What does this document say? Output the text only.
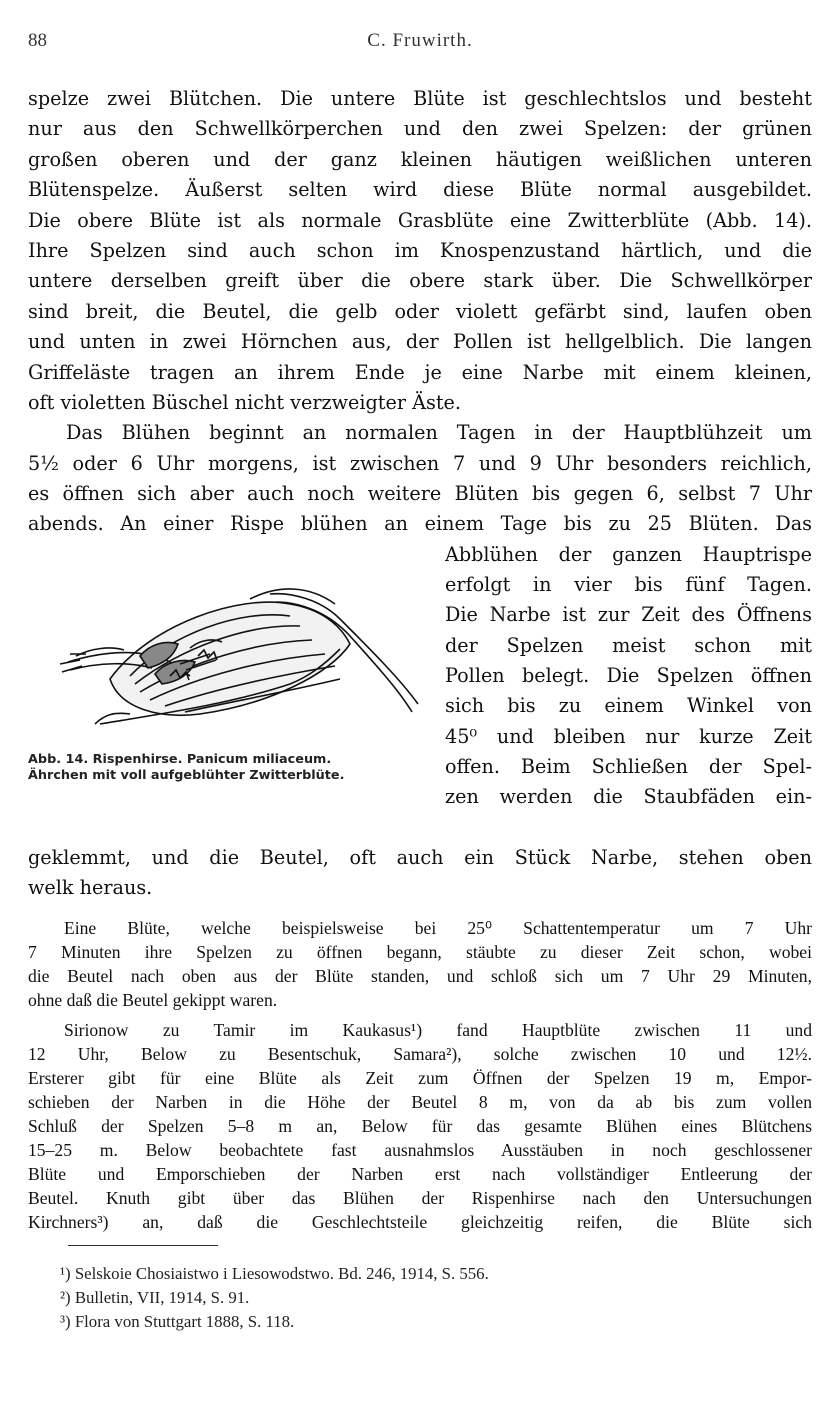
88	C. Fruwirth.
spelze zwei Blütchen. Die untere Blüte ist geschlechtslos und besteht
nur aus den Schwellkörperchen und den zwei Spelzen: der grünen
großen oberen und der ganz kleinen häutigen weißlichen unteren
Blütenspelze. Äußerst selten wird diese Blüte normal ausgebildet.
Die obere Blüte ist als normale Grasblüte eine Zwitterblüte (Abb. 14).
Ihre Spelzen sind auch schon im Knospenzustand härtlich, und die
untere derselben greift über die obere stark über. Die Schwellkörper
sind breit, die Beutel, die gelb oder violett gefärbt sind, laufen oben
und unten in zwei Hörnchen aus, der Pollen ist hellgelblich. Die langen
Griffeläste tragen an ihrem Ende je eine Narbe mit einem kleinen,
oft violetten Büschel nicht verzweigter Äste.
Das Blühen beginnt an normalen Tagen in der Hauptblühzeit um
5½ oder 6 Uhr morgens, ist zwischen 7 und 9 Uhr besonders reichlich,
es öffnen sich aber auch noch weitere Blüten bis gegen 6, selbst 7 Uhr
abends. An einer Rispe blühen an einem Tage bis zu 25 Blüten. Das
Abb. 14. Rispenhirse. Panicum miliaceum.
Ährchen mit voll aufgeblühter Zwitterblüte.
Abblühen der ganzen Hauptrispe
erfolgt in vier bis fünf Tagen.
Die Narbe ist zur Zeit des Öffnens
der Spelzen meist schon mit
Pollen belegt. Die Spelzen öffnen
sich bis zu einem Winkel von
45⁰ und bleiben nur kurze Zeit
offen. Beim Schließen der Spel-
zen werden die Staubfäden ein-
geklemmt, und die Beutel, oft auch ein Stück Narbe, stehen oben
welk heraus.
Eine Blüte, welche beispielsweise bei 25⁰ Schattentemperatur um 7 Uhr
7 Minuten ihre Spelzen zu öffnen begann, stäubte zu dieser Zeit schon, wobei
die Beutel nach oben aus der Blüte standen, und schloß sich um 7 Uhr 29 Minuten,
ohne daß die Beutel gekippt waren.
Sirionow zu Tamir im Kaukasus¹) fand Hauptblüte zwischen 11 und
12 Uhr, Below zu Besentschuk, Samara²), solche zwischen 10 und 12½.
Ersterer gibt für eine Blüte als Zeit zum Öffnen der Spelzen 19 m, Empor-
schieben der Narben in die Höhe der Beutel 8 m, von da ab bis zum vollen
Schluß der Spelzen 5–8 m an, Below für das gesamte Blühen eines Blütchens
15–25 m. Below beobachtete fast ausnahmslos Ausstäuben in noch geschlossener
Blüte und Emporschieben der Narben erst nach vollständiger Entleerung der
Beutel. Knuth gibt über das Blühen der Rispenhirse nach den Untersuchungen
Kirchners³) an, daß die Geschlechtsteile gleichzeitig reifen, die Blüte sich
¹) Selskoie Chosiaistwo i Liesowodstwo. Bd. 246, 1914, S. 556.
²) Bulletin, VII, 1914, S. 91.
³) Flora von Stuttgart 1888, S. 118.
